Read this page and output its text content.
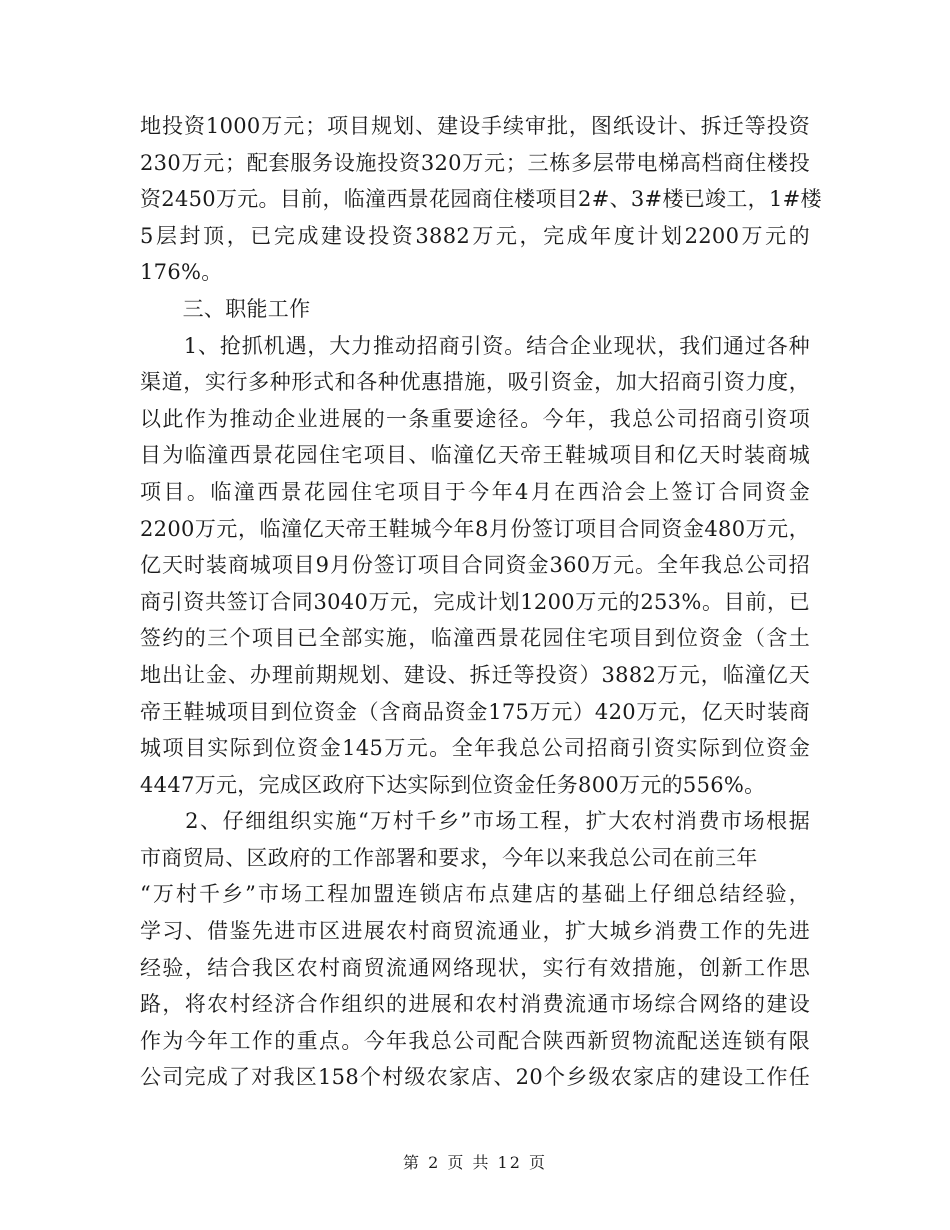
地投资1000万元；项目规划、建设手续审批，图纸设计、拆迁等投资
230万元；配套服务设施投资320万元；三栋多层带电梯高档商住楼投
资2450万元。目前，临潼西景花园商住楼项目2#、3#楼已竣工，1#楼
5层封顶，已完成建设投资3882万元，完成年度计划2200万元的
176%。
　　三、职能工作
　　1、抢抓机遇，大力推动招商引资。结合企业现状，我们通过各种
渠道，实行多种形式和各种优惠措施，吸引资金，加大招商引资力度，
以此作为推动企业进展的一条重要途径。今年，我总公司招商引资项
目为临潼西景花园住宅项目、临潼亿天帝王鞋城项目和亿天时装商城
项目。临潼西景花园住宅项目于今年4月在西洽会上签订合同资金
2200万元，临潼亿天帝王鞋城今年8月份签订项目合同资金480万元，
亿天时装商城项目9月份签订项目合同资金360万元。全年我总公司招
商引资共签订合同3040万元，完成计划1200万元的253%。目前，已
签约的三个项目已全部实施，临潼西景花园住宅项目到位资金（含土
地出让金、办理前期规划、建设、拆迁等投资）3882万元，临潼亿天
帝王鞋城项目到位资金（含商品资金175万元）420万元，亿天时装商
城项目实际到位资金145万元。全年我总公司招商引资实际到位资金
4447万元，完成区政府下达实际到位资金任务800万元的556%。
　　2、仔细组织实施“万村千乡”市场工程，扩大农村消费市场根据
市商贸局、区政府的工作部署和要求，今年以来我总公司在前三年
“万村千乡”市场工程加盟连锁店布点建店的基础上仔细总结经验，
学习、借鉴先进市区进展农村商贸流通业，扩大城乡消费工作的先进
经验，结合我区农村商贸流通网络现状，实行有效措施，创新工作思
路，将农村经济合作组织的进展和农村消费流通市场综合网络的建设
作为今年工作的重点。今年我总公司配合陕西新贸物流配送连锁有限
公司完成了对我区158个村级农家店、20个乡级农家店的建设工作任
第 2 页 共 12 页
